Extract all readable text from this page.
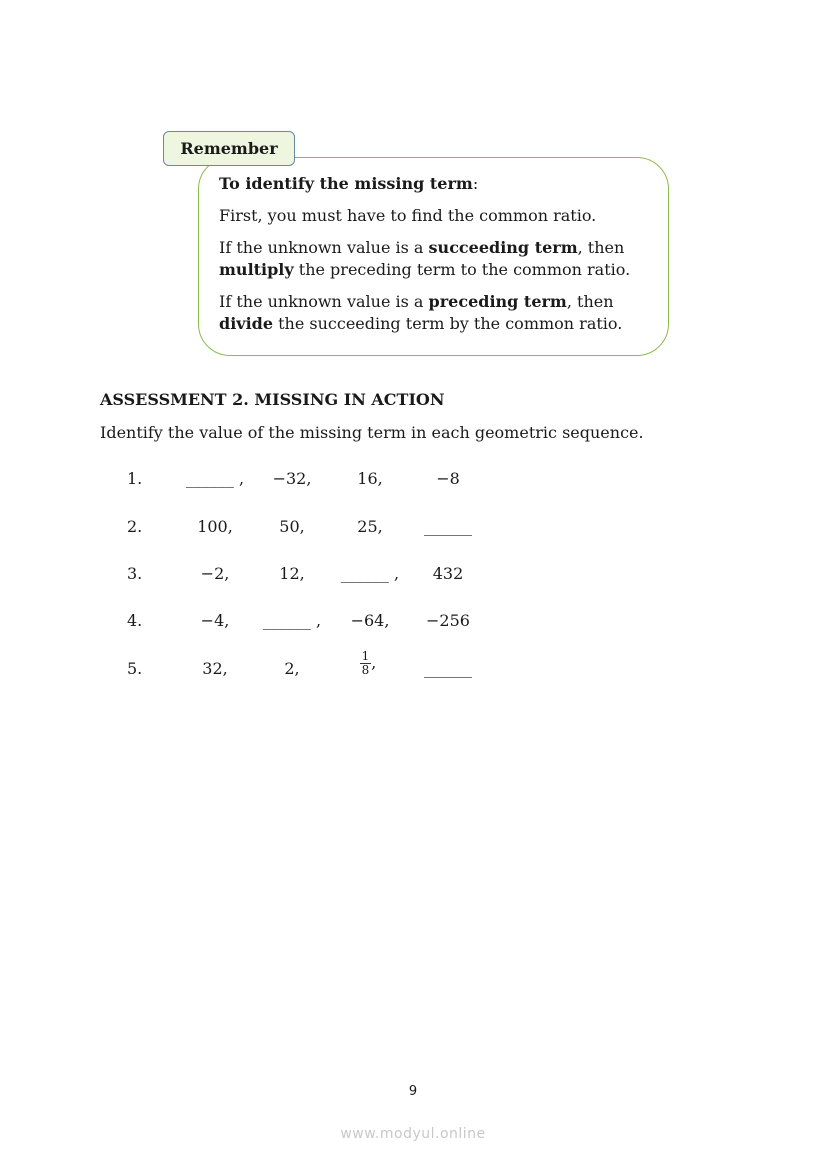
Remember

To identify the missing term:

First, you must have to find the common ratio.

If the unknown value is a succeeding term, then
multiply the preceding term to the common ratio.

If the unknown value is a preceding term, then
divide the succeeding term by the common ratio.

ASSESSMENT 2. MISSING IN ACTION
Identify the value of the missing term in each geometric sequence.
1.	______ ,	−32,	16,	−8
2.	100,	50,	25,	______
3.	−2,	12,	______ ,	432
4.	−4,	______ ,	−64,	−256
5.	32,	2,	$\frac{1}{8}$ ,	______
9
www.modyul.online
